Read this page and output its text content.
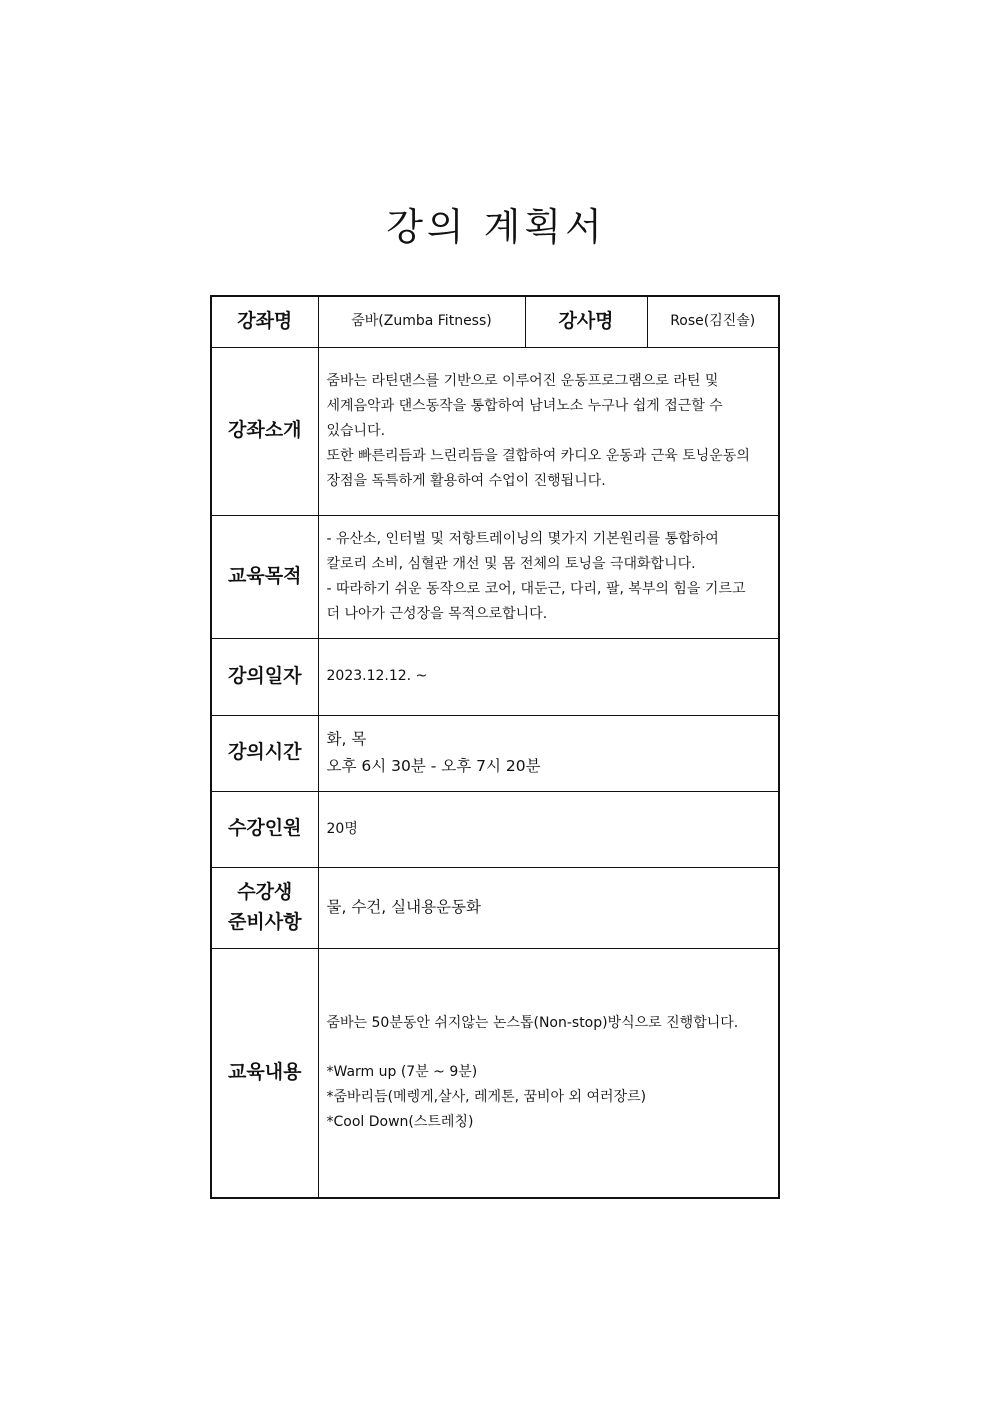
강의 계획서
강좌명	줌바(Zumba Fitness)	강사명	Rose(김진솔)
강좌소개	줌바는 라틴댄스를 기반으로 이루어진 운동프로그램으로 라틴 및
세계음악과 댄스동작을 통합하여 남녀노소 누구나 쉽게 접근할 수
있습니다.
또한 빠른리듬과 느린리듬을 결합하여 카디오 운동과 근육 토닝운동의
장점을 독특하게 활용하여 수업이 진행됩니다.		

교육목적	- 유산소, 인터벌 및 저항트레이닝의 몇가지 기본원리를 통합하여
칼로리 소비, 심혈관 개선 및 몸 전체의 토닝을 극대화합니다.
- 따라하기 쉬운 동작으로 코어, 대둔근, 다리, 팔, 복부의 힘을 기르고
더 나아가 근성장을 목적으로합니다.		

강의일자	2023.12.12. ~		
강의시간	화, 목
오후 6시 30분 - 오후 7시 20분		

수강인원	20명		

수강생
준비사항	물, 수건, 실내용운동화		
교육내용	줌바는 50분동안 쉬지않는 논스톱(Non-stop)방식으로 진행합니다.
*Warm up (7분 ~ 9분)
*줌바리듬(메렝게,살사, 레게톤, 꿈비아 외 여러장르)
*Cool Down(스트레칭)		
